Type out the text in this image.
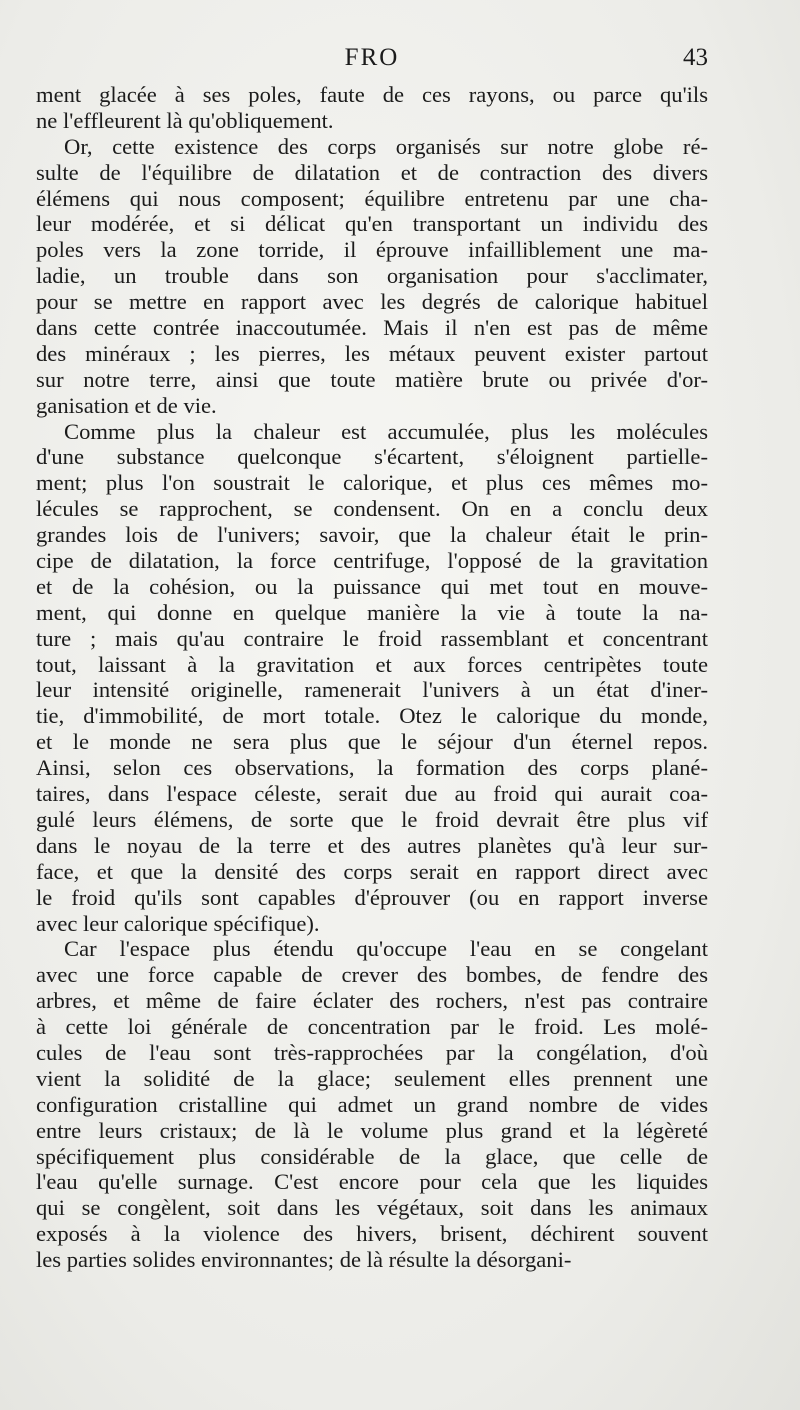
FRO	43
ment glacée à ses poles, faute de ces rayons, ou parce qu'ils
ne l'effleurent là qu'obliquement.
Or, cette existence des corps organisés sur notre globe ré-
sulte de l'équilibre de dilatation et de contraction des divers
élémens qui nous composent; équilibre entretenu par une cha-
leur modérée, et si délicat qu'en transportant un individu des
poles vers la zone torride, il éprouve infailliblement une ma-
ladie, un trouble dans son organisation pour s'acclimater,
pour se mettre en rapport avec les degrés de calorique habituel
dans cette contrée inaccoutumée. Mais il n'en est pas de même
des minéraux ; les pierres, les métaux peuvent exister partout
sur notre terre, ainsi que toute matière brute ou privée d'or-
ganisation et de vie.
Comme plus la chaleur est accumulée, plus les molécules
d'une substance quelconque s'écartent, s'éloignent partielle-
ment; plus l'on soustrait le calorique, et plus ces mêmes mo-
lécules se rapprochent, se condensent. On en a conclu deux
grandes lois de l'univers; savoir, que la chaleur était le prin-
cipe de dilatation, la force centrifuge, l'opposé de la gravitation
et de la cohésion, ou la puissance qui met tout en mouve-
ment, qui donne en quelque manière la vie à toute la na-
ture ; mais qu'au contraire le froid rassemblant et concentrant
tout, laissant à la gravitation et aux forces centripètes toute
leur intensité originelle, ramenerait l'univers à un état d'iner-
tie, d'immobilité, de mort totale. Otez le calorique du monde,
et le monde ne sera plus que le séjour d'un éternel repos.
Ainsi, selon ces observations, la formation des corps plané-
taires, dans l'espace céleste, serait due au froid qui aurait coa-
gulé leurs élémens, de sorte que le froid devrait être plus vif
dans le noyau de la terre et des autres planètes qu'à leur sur-
face, et que la densité des corps serait en rapport direct avec
le froid qu'ils sont capables d'éprouver (ou en rapport inverse
avec leur calorique spécifique).
Car l'espace plus étendu qu'occupe l'eau en se congelant
avec une force capable de crever des bombes, de fendre des
arbres, et même de faire éclater des rochers, n'est pas contraire
à cette loi générale de concentration par le froid. Les molé-
cules de l'eau sont très-rapprochées par la congélation, d'où
vient la solidité de la glace; seulement elles prennent une
configuration cristalline qui admet un grand nombre de vides
entre leurs cristaux; de là le volume plus grand et la légèreté
spécifiquement plus considérable de la glace, que celle de
l'eau qu'elle surnage. C'est encore pour cela que les liquides
qui se congèlent, soit dans les végétaux, soit dans les animaux
exposés à la violence des hivers, brisent, déchirent souvent
les parties solides environnantes; de là résulte la désorgani-
